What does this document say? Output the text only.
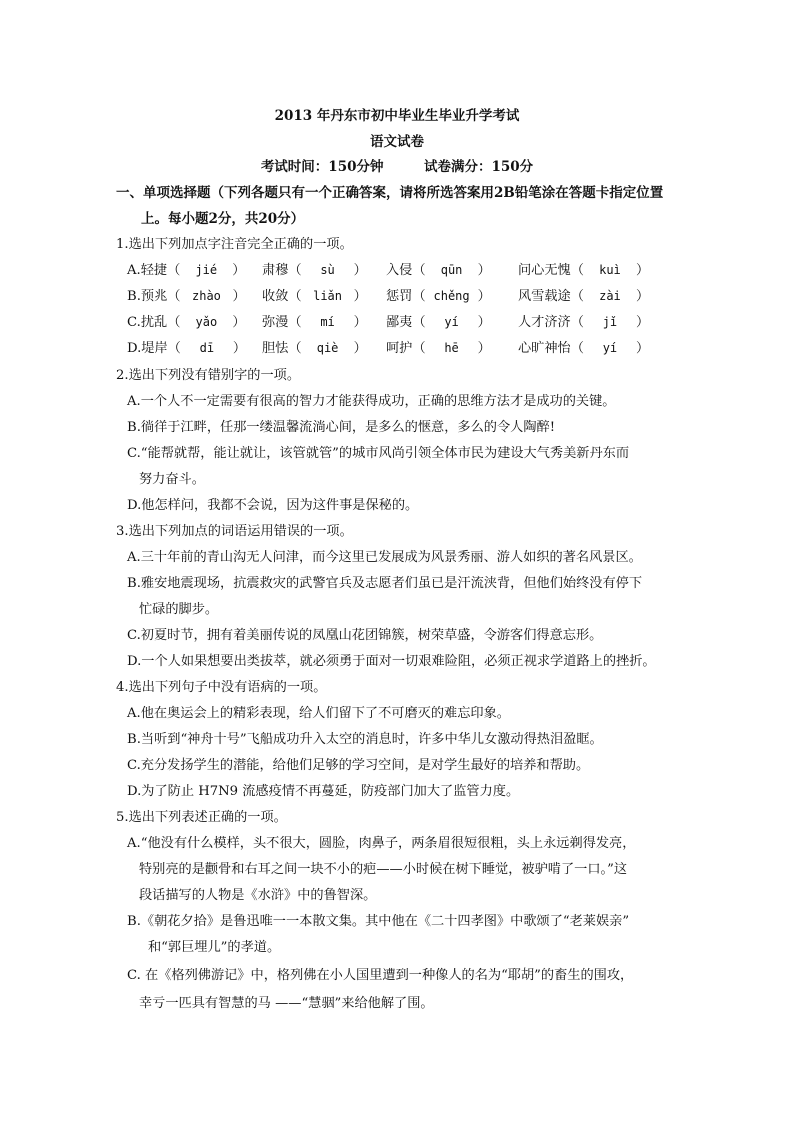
2013 年丹东市初中毕业生毕业升学考试
语文试卷
考试时间：150分钟　　　试卷满分：150分
一、单项选择题（下列各题只有一个正确答案，请将所选答案用2B铅笔涂在答题卡指定位置
上。每小题2分，共20分）
1.选出下列加点字注音完全正确的一项。
A.轻捷（ jié ） 肃穆（ sù ） 入侵（ qūn ） 问心无愧（ kuì ）
B.预兆（ zhào ） 收敛（ liǎn ） 惩罚（ chěng ） 风雪载途（ zài ）
C.扰乱（ yǎo ） 弥漫（ mí ） 鄙夷（ yí ） 人才济济（ jǐ ）
D.堤岸（ dī ） 胆怯（ qiè ） 呵护（ hē ） 心旷神怡（ yí ）
2.选出下列没有错别字的一项。
A.一个人不一定需要有很高的智力才能获得成功，正确的思维方法才是成功的关键。
B.徜徉于江畔，任那一缕温馨流淌心间，是多么的惬意，多么的令人陶醉!
C.“能帮就帮，能让就让，该管就管”的城市风尚引领全体市民为建设大气秀美新丹东而
努力奋斗。
D.他怎样问，我都不会说，因为这件事是保秘的。
3.选出下列加点的词语运用错误的一项。
A.三十年前的青山沟无人问津，而今这里已发展成为风景秀丽、游人如织的著名风景区。
B.雅安地震现场，抗震救灾的武警官兵及志愿者们虽已是汗流浃背，但他们始终没有停下
忙碌的脚步。
C.初夏时节，拥有着美丽传说的凤凰山花团锦簇，树荣草盛，令游客们得意忘形。
D.一个人如果想要出类拔萃，就必须勇于面对一切艰难险阻，必须正视求学道路上的挫折。
4.选出下列句子中没有语病的一项。
A.他在奥运会上的精彩表现，给人们留下了不可磨灭的难忘印象。
B.当听到“神舟十号”飞船成功升入太空的消息时，许多中华儿女激动得热泪盈眶。
C.充分发扬学生的潜能，给他们足够的学习空间，是对学生最好的培养和帮助。
D.为了防止 H7N9 流感疫情不再蔓延，防疫部门加大了监管力度。
5.选出下列表述正确的一项。
A.“他没有什么模样，头不很大，圆脸，肉鼻子，两条眉很短很粗，头上永远剃得发亮，
特别亮的是颧骨和右耳之间一块不小的疤——小时候在树下睡觉，被驴啃了一口。”这
段话描写的人物是《水浒》中的鲁智深。
B.《朝花夕拾》是鲁迅唯一一本散文集。其中他在《二十四孝图》中歌颂了“老莱娱亲”
和“郭巨埋儿”的孝道。
C. 在《格列佛游记》中，格列佛在小人国里遭到一种像人的名为“耶胡”的畜生的围攻，
幸亏一匹具有智慧的马 ——“慧骃”来给他解了围。
